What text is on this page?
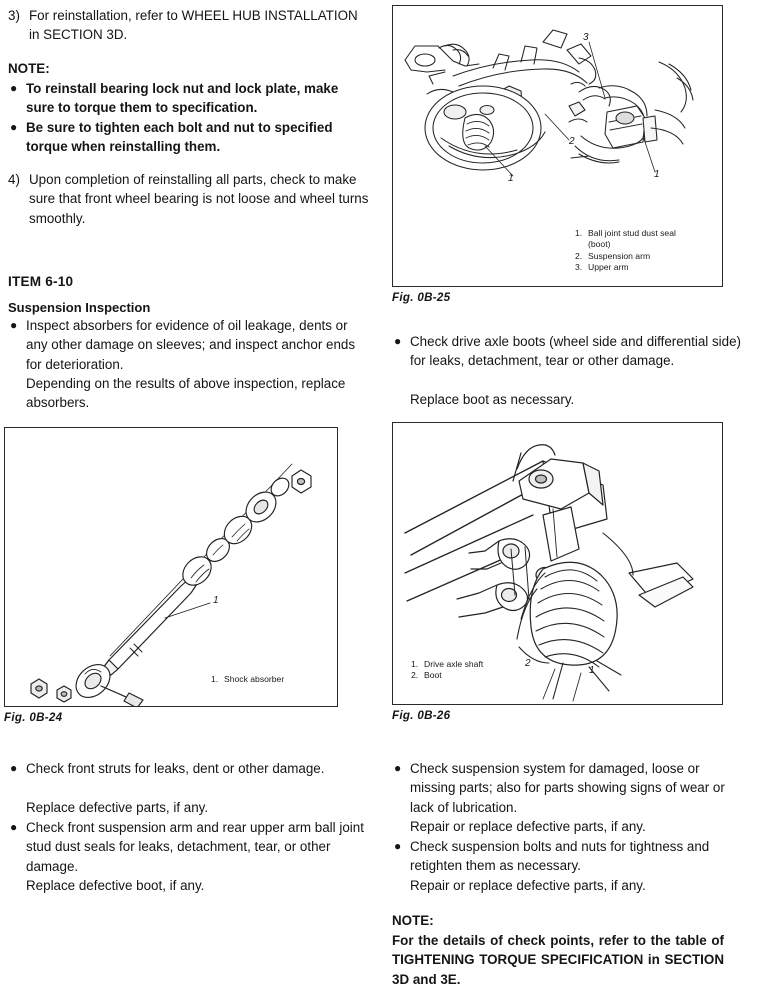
3) For reinstallation, refer to WHEEL HUB INSTALLATION in SECTION 3D.
NOTE:
● To reinstall bearing lock nut and lock plate, make sure to torque them to specification.
● Be sure to tighten each bolt and nut to specified torque when reinstalling them.
4) Upon completion of reinstalling all parts, check to make sure that front wheel bearing is not loose and wheel turns smoothly.
ITEM 6-10
Suspension Inspection
● Inspect absorbers for evidence of oil leakage, dents or any other damage on sleeves; and inspect anchor ends for deterioration.
Depending on the results of above inspection, replace absorbers.
1
1. Shock absorber
Fig. 0B-24
● Check front struts for leaks, dent or other damage.
Replace defective parts, if any.
● Check front suspension arm and rear upper arm ball joint stud dust seals for leaks, detachment, tear, or other damage.
Replace defective boot, if any.
1
2
3
1
1. Ball joint stud dust seal
(boot)
2. Suspension arm
3. Upper arm
Fig. 0B-25
● Check drive axle boots (wheel side and differential side) for leaks, detachment, tear or other damage.
Replace boot as necessary.
1
2
1. Drive axle shaft
2. Boot
Fig. 0B-26
● Check suspension system for damaged, loose or missing parts; also for parts showing signs of wear or lack of lubrication.
Repair or replace defective parts, if any.
● Check suspension bolts and nuts for tightness and retighten them as necessary.
Repair or replace defective parts, if any.
NOTE:
For the details of check points, refer to the table of TIGHTENING TORQUE SPECIFICATION in SECTION 3D and 3E.
